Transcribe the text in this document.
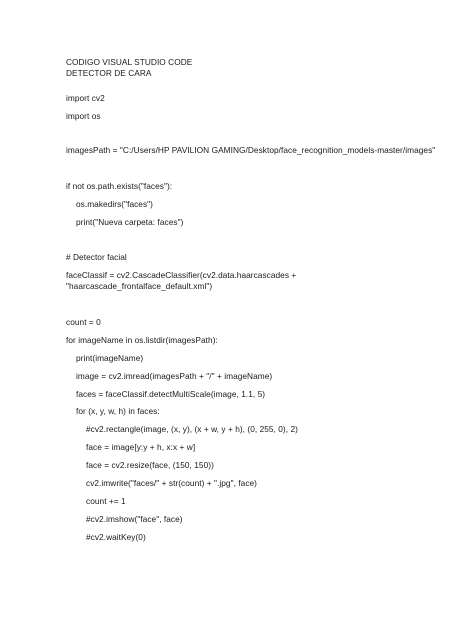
CODIGO VISUAL STUDIO CODE
DETECTOR DE CARA
import cv2
import os
imagesPath = "C:/Users/HP PAVILION GAMING/Desktop/face_recognition_models-master/images"
if not os.path.exists("faces"):
os.makedirs("faces")
print("Nueva carpeta: faces")
# Detector facial
faceClassif = cv2.CascadeClassifier(cv2.data.haarcascades +
"haarcascade_frontalface_default.xml")
count = 0
for imageName in os.listdir(imagesPath):
print(imageName)
image = cv2.imread(imagesPath + "/" + imageName)
faces = faceClassif.detectMultiScale(image, 1.1, 5)
for (x, y, w, h) in faces:
#cv2.rectangle(image, (x, y), (x + w, y + h), (0, 255, 0), 2)
face = image[y:y + h, x:x + w]
face = cv2.resize(face, (150, 150))
cv2.imwrite("faces/" + str(count) + ".jpg", face)
count += 1
#cv2.imshow("face", face)
#cv2.waitKey(0)
